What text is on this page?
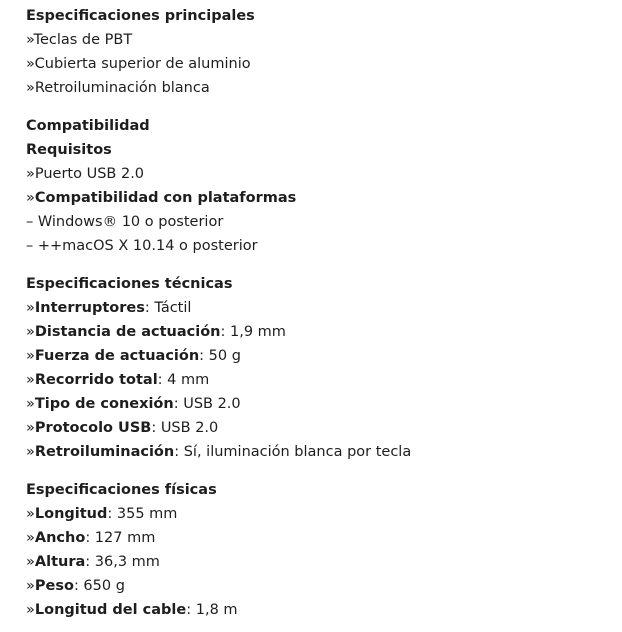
Especificaciones principales
»Teclas de PBT
»Cubierta superior de aluminio
»Retroiluminación blanca
Compatibilidad
Requisitos
»Puerto USB 2.0
»Compatibilidad con plataformas
– Windows® 10 o posterior
– ++macOS X 10.14 o posterior
Especificaciones técnicas
»Interruptores: Táctil
»Distancia de actuación: 1,9 mm
»Fuerza de actuación: 50 g
»Recorrido total: 4 mm
»Tipo de conexión: USB 2.0
»Protocolo USB: USB 2.0
»Retroiluminación: Sí, iluminación blanca por tecla
Especificaciones físicas
»Longitud: 355 mm
»Ancho: 127 mm
»Altura: 36,3 mm
»Peso: 650 g
»Longitud del cable: 1,8 m
